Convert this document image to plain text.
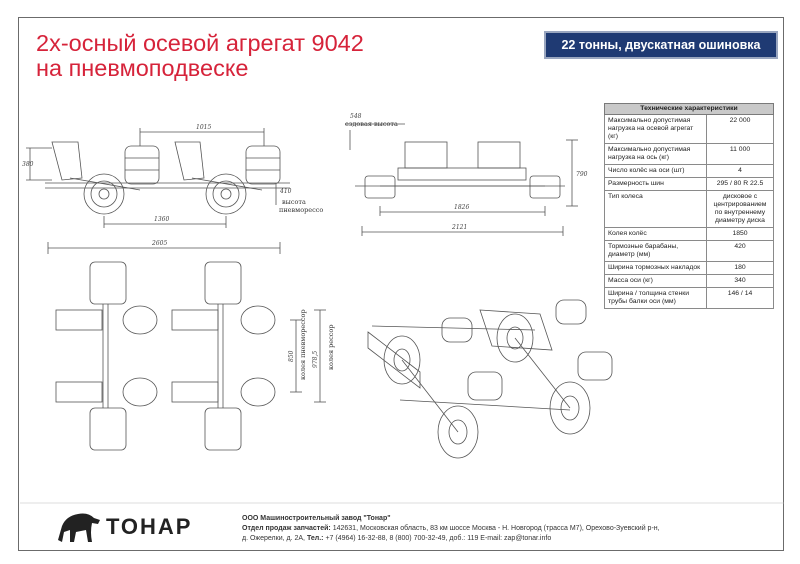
2х-осный осевой агрегат 9042
на пневмоподвеске
22 тонны, двускатная ошиновка
Технические характеристики	
Максимально допустимая нагрузка на осевой агрегат (кг)	22 000
Максимально допустимая нагрузка на ось (кг)	11 000
Число колёс на оси (шт)	4
Размерность шин	295 / 80 R 22.5
Тип колеса	дисковое с центрированием по внутреннему диаметру диска
Колея колёс	1850
Тормозные барабаны, диаметр (мм)	420
Ширина тормозных накладок	180
Масса оси (кг)	340
Ширина / толщина стенки трубы балки оси (мм)	146 / 14
380
1015
410
1360
высота
пневморессо
548
ездовая высота
790
1826
2121
2605
850	978,5
колея пневморессор	колея рессор
ТОНАР	ООО Машиностроительный завод "Тонар"
Отдел продаж запчастей: 142631, Московская область, 83 км шоссе Москва - Н. Новгород (трасса М7), Орехово-Зуевский р-н,
д. Ожерелки, д. 2А, Тел.: +7 (4964) 16-32-88, 8 (800) 700-32-49, доб.: 119 E-mail: zap@tonar.info
